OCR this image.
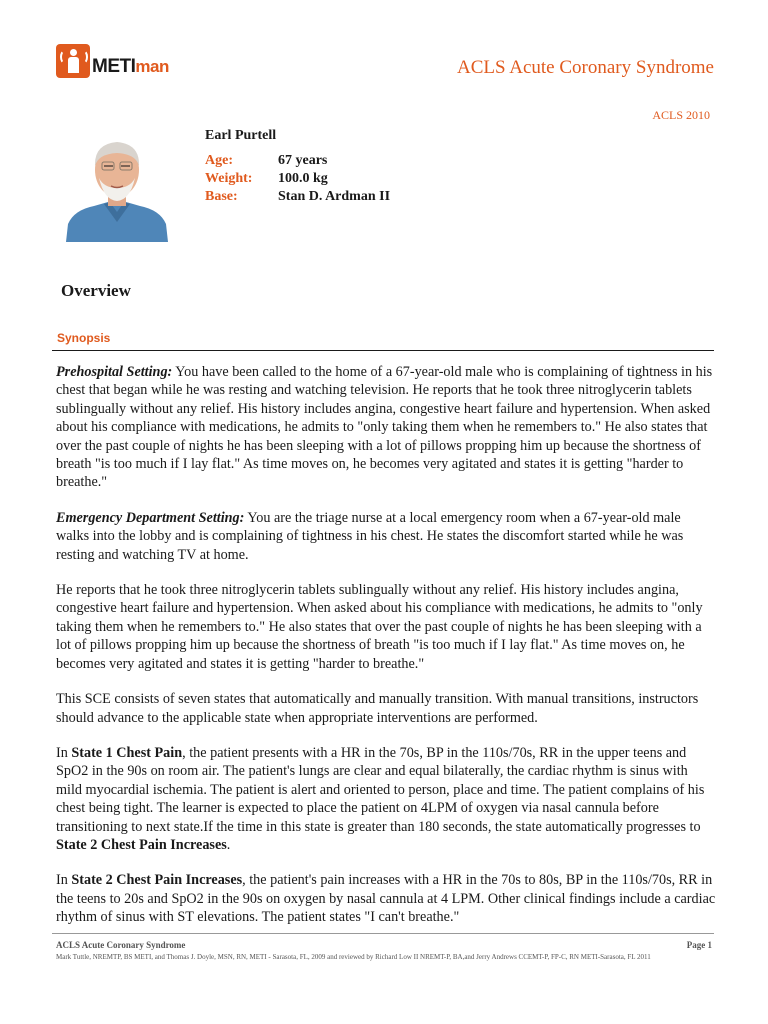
METIman	ACLS Acute Coronary Syndrome
ACLS 2010
Earl Purtell
Age:	67 years
Weight:	100.0 kg
Base:	Stan D. Ardman II
Overview
Synopsis

Prehospital Setting: You have been called to the home of a 67-year-old male who is complaining of tightness in his chest that began while he was resting and watching television. He reports that he took three nitroglycerin tablets sublingually without any relief. His history includes angina, congestive heart failure and hypertension. When asked about his compliance with medications, he admits to "only taking them when he remembers to." He also states that over the past couple of nights he has been sleeping with a lot of pillows propping him up because the shortness of breath "is too much if I lay flat." As time moves on, he becomes very agitated and states it is getting "harder to breathe."

Emergency Department Setting: You are the triage nurse at a local emergency room when a 67-year-old male walks into the lobby and is complaining of tightness in his chest. He states the discomfort started while he was resting and watching TV at home.

He reports that he took three nitroglycerin tablets sublingually without any relief. His history includes angina, congestive heart failure and hypertension. When asked about his compliance with medications, he admits to "only taking them when he remembers to." He also states that over the past couple of nights he has been sleeping with a lot of pillows propping him up because the shortness of breath "is too much if I lay flat." As time moves on, he becomes very agitated and states it is getting "harder to breathe."

This SCE consists of seven states that automatically and manually transition. With manual transitions, instructors should advance to the applicable state when appropriate interventions are performed.

In State 1 Chest Pain, the patient presents with a HR in the 70s, BP in the 110s/70s, RR in the upper teens and SpO2 in the 90s on room air. The patient's lungs are clear and equal bilaterally, the cardiac rhythm is sinus with mild myocardial ischemia. The patient is alert and oriented to person, place and time. The patient complains of his chest being tight. The learner is expected to place the patient on 4LPM of oxygen via nasal cannula before transitioning to next state.If the time in this state is greater than 180 seconds, the state automatically progresses to State 2 Chest Pain Increases.

In State 2 Chest Pain Increases, the patient's pain increases with a HR in the 70s to 80s, BP in the 110s/70s, RR in the teens to 20s and SpO2 in the 90s on oxygen by nasal cannula at 4 LPM. Other clinical findings include a cardiac rhythm of sinus with ST elevations. The patient states "I can't breathe."

ACLS Acute Coronary Syndrome	Page 1
Mark Tuttle, NREMTP, BS METI, and Thomas J. Doyle, MSN, RN, METI - Sarasota, FL, 2009 and reviewed by Richard Low II NREMT-P, BA,and Jerry Andrews CCEMT-P, FP-C, RN METI-Sarasota, FL 2011
